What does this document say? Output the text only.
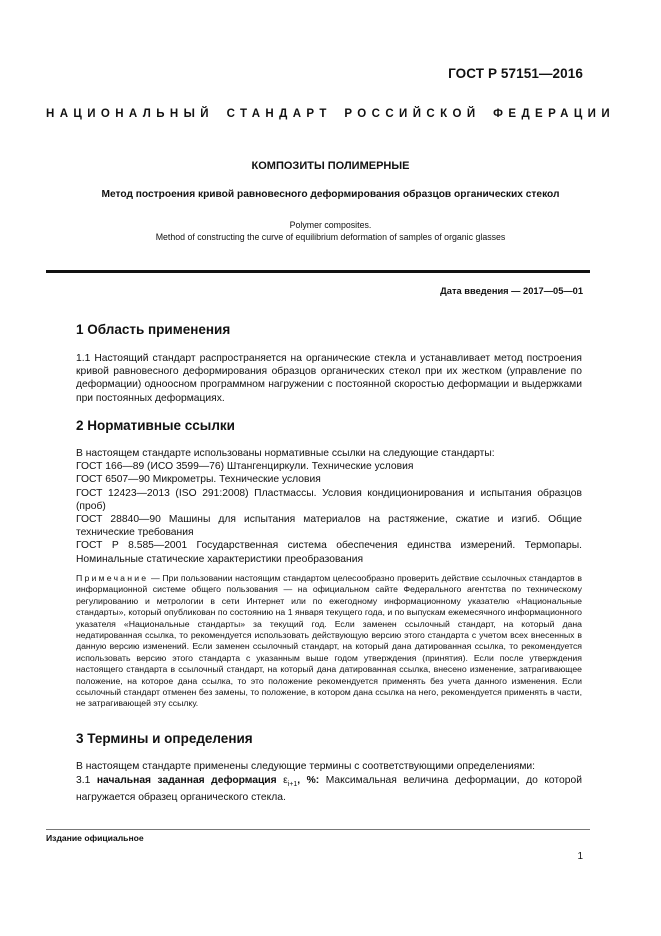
ГОСТ Р 57151—2016
НАЦИОНАЛЬНЫЙ СТАНДАРТ РОССИЙСКОЙ ФЕДЕРАЦИИ
КОМПОЗИТЫ ПОЛИМЕРНЫЕ
Метод построения кривой равновесного деформирования образцов органических стекол
Polymer composites.
Method of constructing the curve of equilibrium deformation of samples of organic glasses
Дата введения — 2017—05—01
1 Область применения
1.1 Настоящий стандарт распространяется на органические стекла и устанавливает метод построения кривой равновесного деформирования образцов органических стекол при их жестком (управление по деформации) одноосном программном нагружении с постоянной скоростью деформации и выдержками при постоянных деформациях.
2 Нормативные ссылки
В настоящем стандарте использованы нормативные ссылки на следующие стандарты:
ГОСТ 166—89 (ИСО 3599—76) Штангенциркули. Технические условия
ГОСТ 6507—90 Микрометры. Технические условия
ГОСТ 12423—2013 (ISO 291:2008) Пластмассы. Условия кондиционирования и испытания образцов (проб)
ГОСТ 28840—90 Машины для испытания материалов на растяжение, сжатие и изгиб. Общие технические требования
ГОСТ Р 8.585—2001 Государственная система обеспечения единства измерений. Термопары. Номинальные статические характеристики преобразования
Примечание — При пользовании настоящим стандартом целесообразно проверить действие ссылочных стандартов в информационной системе общего пользования — на официальном сайте Федерального агентства по техническому регулированию и метрологии в сети Интернет или по ежегодному информационному указателю «Национальные стандарты», который опубликован по состоянию на 1 января текущего года, и по выпускам ежемесячного информационного указателя «Национальные стандарты» за текущий год. Если заменен ссылочный стандарт, на который дана недатированная ссылка, то рекомендуется использовать действующую версию этого стандарта с учетом всех внесенных в данную версию изменений. Если заменен ссылочный стандарт, на который дана датированная ссылка, то рекомендуется использовать версию этого стандарта с указанным выше годом утверждения (принятия). Если после утверждения настоящего стандарта в ссылочный стандарт, на который дана датированная ссылка, внесено изменение, затрагивающее положение, на которое дана ссылка, то это положение рекомендуется применять без учета данного изменения. Если ссылочный стандарт отменен без замены, то положение, в котором дана ссылка на него, рекомендуется применять в части, не затрагивающей эту ссылку.
3 Термины и определения
В настоящем стандарте применены следующие термины с соответствующими определениями:
3.1 начальная заданная деформация $\varepsilon_{i+1}$, %: Максимальная величина деформации, до которой нагружается образец органического стекла.
Издание официальное
1
